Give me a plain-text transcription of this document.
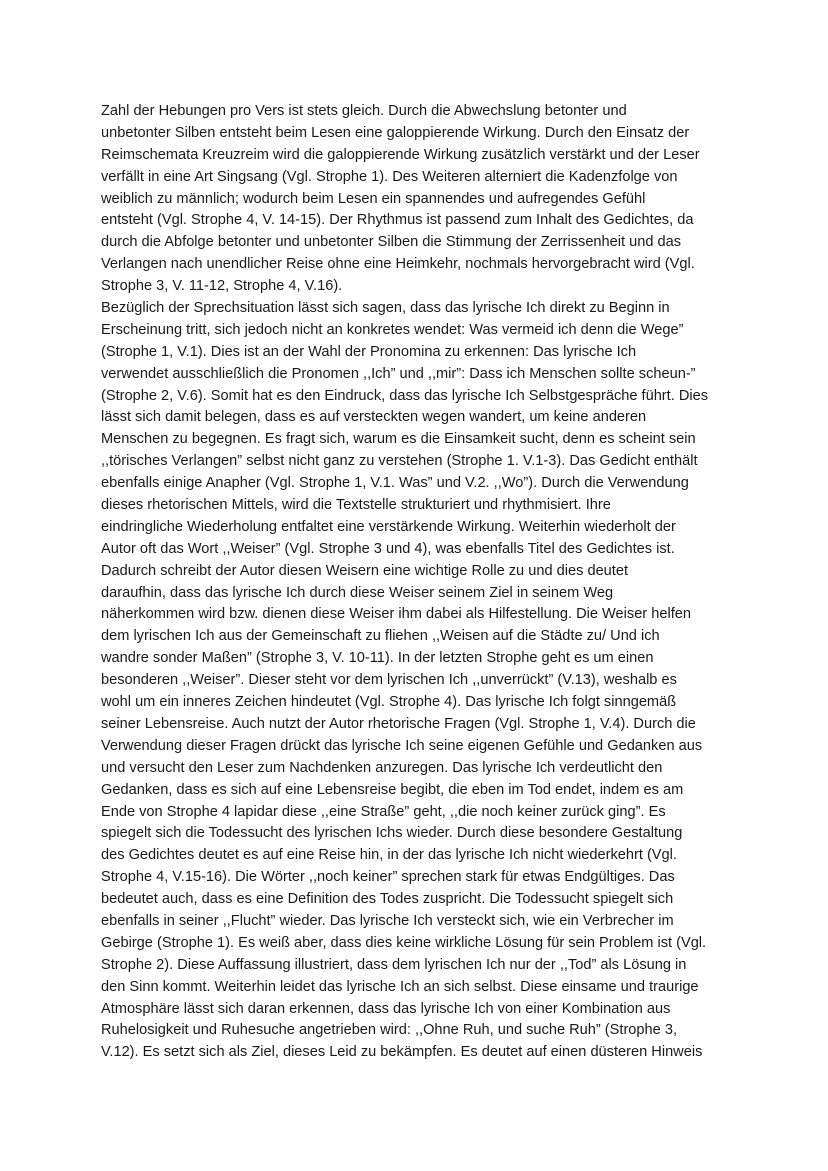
Zahl der Hebungen pro Vers ist stets gleich. Durch die Abwechslung betonter und
unbetonter Silben entsteht beim Lesen eine galoppierende Wirkung. Durch den Einsatz der
Reimschemata Kreuzreim wird die galoppierende Wirkung zusätzlich verstärkt und der Leser
verfällt in eine Art Singsang (Vgl. Strophe 1). Des Weiteren alterniert die Kadenzfolge von
weiblich zu männlich; wodurch beim Lesen ein spannendes und aufregendes Gefühl
entsteht (Vgl. Strophe 4, V. 14-15). Der Rhythmus ist passend zum Inhalt des Gedichtes, da
durch die Abfolge betonter und unbetonter Silben die Stimmung der Zerrissenheit und das
Verlangen nach unendlicher Reise ohne eine Heimkehr, nochmals hervorgebracht wird (Vgl.
Strophe 3, V. 11-12, Strophe 4, V.16).
Bezüglich der Sprechsituation lässt sich sagen, dass das lyrische Ich direkt zu Beginn in
Erscheinung tritt, sich jedoch nicht an konkretes wendet: Was vermeid ich denn die Wege”
(Strophe 1, V.1). Dies ist an der Wahl der Pronomina zu erkennen: Das lyrische Ich
verwendet ausschließlich die Pronomen ,,Ich” und ,,mir”: Dass ich Menschen sollte scheun-”
(Strophe 2, V.6). Somit hat es den Eindruck, dass das lyrische Ich Selbstgespräche führt. Dies
lässt sich damit belegen, dass es auf versteckten wegen wandert, um keine anderen
Menschen zu begegnen. Es fragt sich, warum es die Einsamkeit sucht, denn es scheint sein
,,törisches Verlangen” selbst nicht ganz zu verstehen (Strophe 1. V.1-3). Das Gedicht enthält
ebenfalls einige Anapher (Vgl. Strophe 1, V.1. Was” und V.2. ,,Wo”). Durch die Verwendung
dieses rhetorischen Mittels, wird die Textstelle strukturiert und rhythmisiert. Ihre
eindringliche Wiederholung entfaltet eine verstärkende Wirkung. Weiterhin wiederholt der
Autor oft das Wort ,,Weiser” (Vgl. Strophe 3 und 4), was ebenfalls Titel des Gedichtes ist.
Dadurch schreibt der Autor diesen Weisern eine wichtige Rolle zu und dies deutet
daraufhin, dass das lyrische Ich durch diese Weiser seinem Ziel in seinem Weg
näherkommen wird bzw. dienen diese Weiser ihm dabei als Hilfestellung. Die Weiser helfen
dem lyrischen Ich aus der Gemeinschaft zu fliehen ,,Weisen auf die Städte zu/ Und ich
wandre sonder Maßen” (Strophe 3, V. 10-11). In der letzten Strophe geht es um einen
besonderen ,,Weiser”. Dieser steht vor dem lyrischen Ich ,,unverrückt” (V.13), weshalb es
wohl um ein inneres Zeichen hindeutet (Vgl. Strophe 4). Das lyrische Ich folgt sinngemäß
seiner Lebensreise. Auch nutzt der Autor rhetorische Fragen (Vgl. Strophe 1, V.4). Durch die
Verwendung dieser Fragen drückt das lyrische Ich seine eigenen Gefühle und Gedanken aus
und versucht den Leser zum Nachdenken anzuregen. Das lyrische Ich verdeutlicht den
Gedanken, dass es sich auf eine Lebensreise begibt, die eben im Tod endet, indem es am
Ende von Strophe 4 lapidar diese ,,eine Straße” geht, ,,die noch keiner zurück ging”. Es
spiegelt sich die Todessucht des lyrischen Ichs wieder. Durch diese besondere Gestaltung
des Gedichtes deutet es auf eine Reise hin, in der das lyrische Ich nicht wiederkehrt (Vgl.
Strophe 4, V.15-16). Die Wörter ,,noch keiner” sprechen stark für etwas Endgültiges. Das
bedeutet auch, dass es eine Definition des Todes zuspricht. Die Todessucht spiegelt sich
ebenfalls in seiner ,,Flucht” wieder. Das lyrische Ich versteckt sich, wie ein Verbrecher im
Gebirge (Strophe 1). Es weiß aber, dass dies keine wirkliche Lösung für sein Problem ist (Vgl.
Strophe 2). Diese Auffassung illustriert, dass dem lyrischen Ich nur der ,,Tod” als Lösung in
den Sinn kommt. Weiterhin leidet das lyrische Ich an sich selbst. Diese einsame und traurige
Atmosphäre lässt sich daran erkennen, dass das lyrische Ich von einer Kombination aus
Ruhelosigkeit und Ruhesuche angetrieben wird: ,,Ohne Ruh, und suche Ruh” (Strophe 3,
V.12). Es setzt sich als Ziel, dieses Leid zu bekämpfen. Es deutet auf einen düsteren Hinweis
